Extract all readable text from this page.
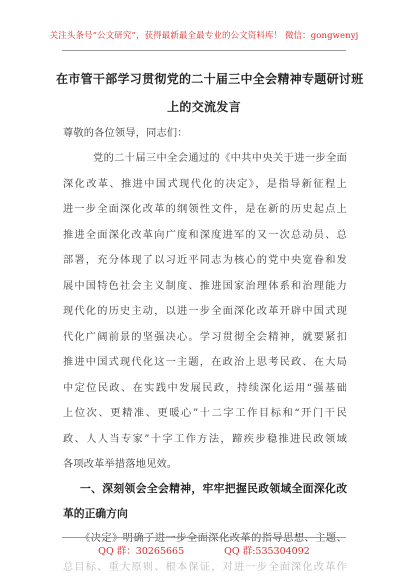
关注头条号“公文研究”，获得最新最全最专业的公文资料库！ 微信：gongwenyj
在市管干部学习贯彻党的二十届三中全会精神专题研讨班
上的交流发言
尊敬的各位领导，同志们：
党的二十届三中全会通过的《中共中央关于进一步全面
深化改革、推进中国式现代化的决定》，是指导新征程上
进一步全面深化改革的纲领性文件，是在新的历史起点上
推进全面深化改革向广度和深度进军的又一次总动员、总
部署，充分体现了以习近平同志为核心的党中央宽眷和发
展中国特色社会主义制度、推进国家治理体系和治理能力
现代化的历史主动，以进一步全面深化改革开辟中国式现
代化广阔前景的坚强决心。学习贯彻全会精神，就要紧扣
推进中国式现代化这一主题，在政治上思考民政、在大局
中定位民政、在实践中发展民政，持续深化运用“强基础
上位次、更精准、更暖心”十二字工作目标和“开门干民
政、人人当专家”十字工作方法，蹄疾步稳推进民政领域
各项改革举措落地见效。
一、深刻领会全会精神，牢牢把握民政领域全面深化改
革的正确方向
《决定》明确了进一步全面深化改革的指导思想、主题、
QQ 群：30265665	QQ 群:535304092
总目标、重大原则、根本保证，对进一步全面深化改革作
